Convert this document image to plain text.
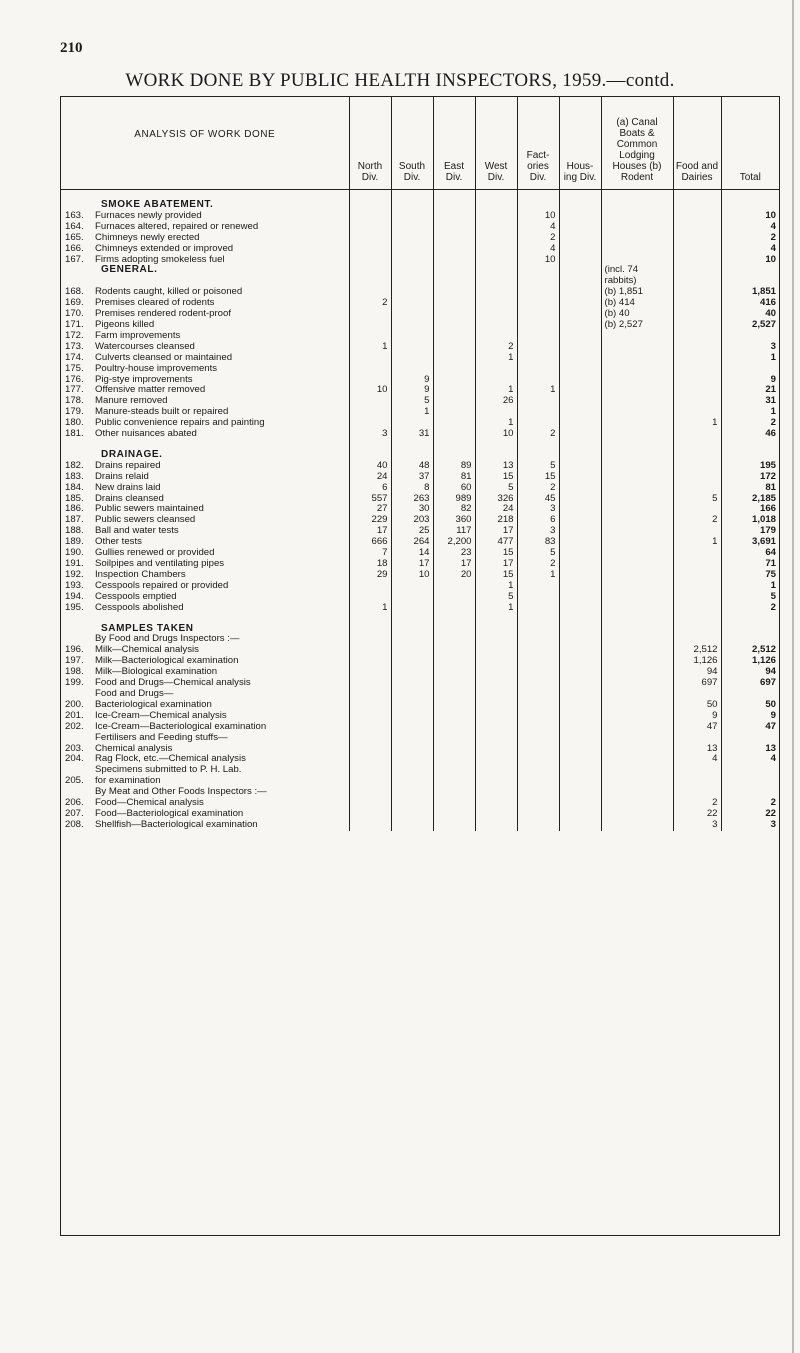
210
WORK DONE BY PUBLIC HEALTH INSPECTORS, 1959.—contd.
ANALYSIS OF WORK DONE	North Div.	South Div.	East Div.	West Div.	Fact-ories Div.	Hous-ing Div.	(a) Canal Boats & Common Lodging Houses (b) Rodent	Food and Dairies	Total

SMOKE ABATEMENT.									
163. Furnaces newly provided					10				10
164. Furnaces altered, repaired or renewed					4				4
165. Chimneys newly erected					2				2
166. Chimneys extended or improved					4				4
167. Firms adopting smokeless fuel					10				10
GENERAL.							(incl. 74		
							rabbits)		
168. Rodents caught, killed or poisoned							(b) 1,851		1,851
169. Premises cleared of rodents	2						(b) 414		416
170. Premises rendered rodent-proof							(b) 40		40
171. Pigeons killed							(b) 2,527		2,527
172. Farm improvements									
173. Watercourses cleansed	1			2					3
174. Culverts cleansed or maintained				1					1
175. Poultry-house improvements									
176. Pig-stye improvements		9							9
177. Offensive matter removed	10	9		1	1				21
178. Manure removed		5		26					31
179. Manure-steads built or repaired		1							1
180. Public convenience repairs and painting				1				1	2
181. Other nuisances abated	3	31		10	2				46

DRAINAGE.									
182. Drains repaired	40	48	89	13	5				195
183. Drains relaid	24	37	81	15	15				172
184. New drains laid	6	8	60	5	2				81
185. Drains cleansed	557	263	989	326	45			5	2,185
186. Public sewers maintained	27	30	82	24	3				166
187. Public sewers cleansed	229	203	360	218	6			2	1,018
188. Ball and water tests	17	25	117	17	3				179
189. Other tests	666	264	2,200	477	83			1	3,691
190. Gullies renewed or provided	7	14	23	15	5				64
191. Soilpipes and ventilating pipes	18	17	17	17	2				71
192. Inspection Chambers	29	10	20	15	1				75
193. Cesspools repaired or provided				1					1
194. Cesspools emptied				5					5
195. Cesspools abolished	1			1					2

SAMPLES TAKEN									
By Food and Drugs Inspectors :—									
196. Milk—Chemical analysis								2,512	2,512
197. Milk—Bacteriological examination								1,126	1,126
198. Milk—Biological examination								94	94
199. Food and Drugs—Chemical analysis								697	697
Food and Drugs—									
200. Bacteriological examination								50	50
201. Ice-Cream—Chemical analysis								9	9
202. Ice-Cream—Bacteriological examination								47	47
Fertilisers and Feeding stuffs—									
203. Chemical analysis								13	13
204. Rag Flock, etc.—Chemical analysis								4	4
Specimens submitted to P. H. Lab.									
205. for examination									
By Meat and Other Foods Inspectors :—									
206. Food—Chemical analysis								2	2
207. Food—Bacteriological examination								22	22
208. Shellfish—Bacteriological examination								3	3
